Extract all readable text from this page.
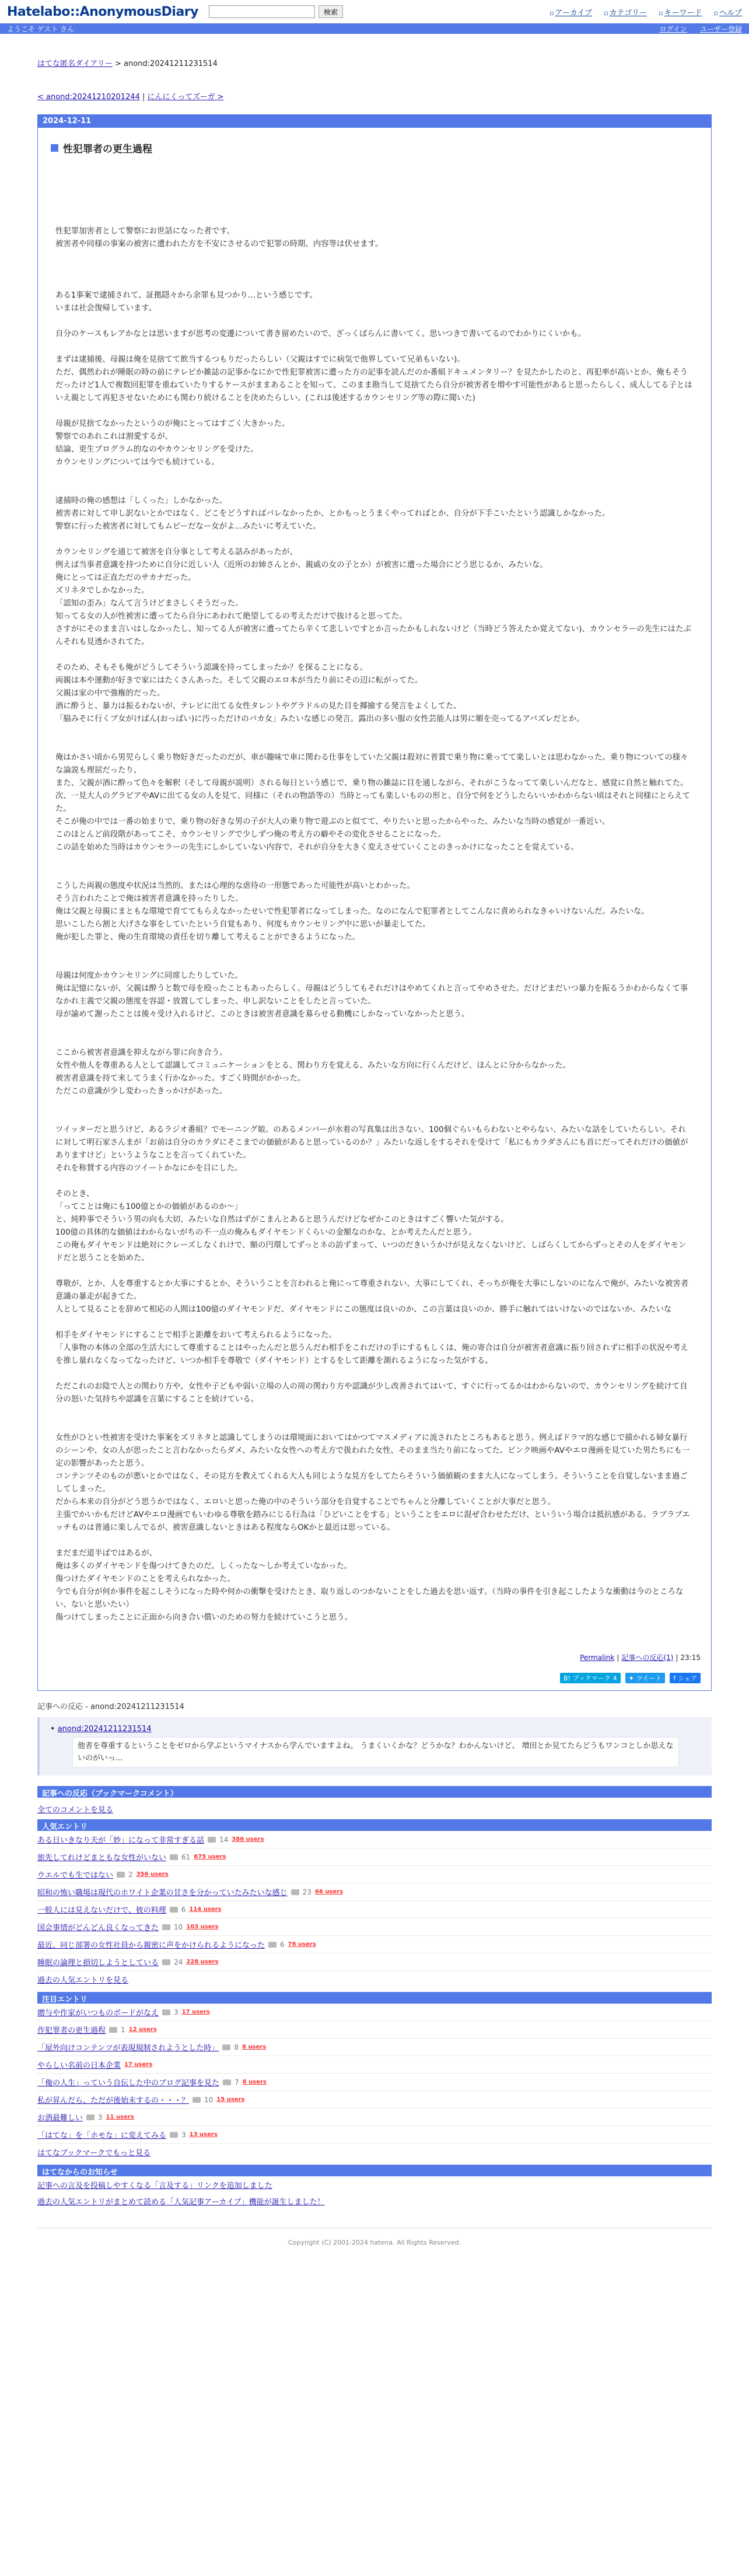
Hatelabo::AnonymousDiary	検索	▫ アーカイブ ▫ カテゴリー ▫ キーワード ▫ ヘルプ
ようこそ ゲスト さん	ログイン ユーザー登録
はてな匿名ダイアリー > anond:20241211231514
< anond:20241210201244 | にんにくってズーガ >
2024-12-11
性犯罪者の更生過程

性犯罪加害者として警察にお世話になった者です。
被害者や同様の事案の被害に遭われた方を不安にさせるので犯罪の時期、内容等は伏せます。

ある1事案で逮捕されて、証拠隠々から余罪も見つかり…という感じです。
いまは社会復帰しています。

自分のケースもレアかなとは思いますが思考の変遷について書き留めたいので、ざっくばらんに書いてく。思いつきで書いてるのでわかりにくいかも。

まずは逮捕後、母親は俺を見捨てて飲当するつもりだったらしい（父親はすでに病気で他界していて兄弟もいない)。
ただ、偶然われが睡眠の時の前にテレビか雑誌の記事かなにかで性犯罪被害に遭った方の記事を読んだのか番組ドキュメンタリー？を見たかしたのと、再犯率が高いとか、俺もそうだったけど1人で複数回犯罪を重ねていたりするケースがままあることを知って、このまま勘当して見捨てたら自分が被害者を増やす可能性があると思ったらしく、成人してる子とはいえ親として再犯させないためにも関わり続けることを決めたらしい。(これは後述するカウンセリング等の際に聞いた)

母親が見捨てなかったというのが俺にとってはすごく大きかった。
警察でのあれこれは割愛するが、
結論、更生プログラム的なのやカウンセリングを受けた。
カウンセリングについては今でも続けている。

逮捕時の俺の感想は「しくった」しかなかった。
被害者に対して申し訳ないとかではなく、どこをどうすればバレなかったか、とかもっとうまくやってればとか、自分が下手こいたという認識しかなかった。
警察に行った被害者に対してもムビーだなー女がよ…みたいに考えていた。

カウンセリングを通じて被害を自分事として考える話みがあったが、
例えば当事者意識を持つために自分に近しい人（近所のお姉さんとか、親戚の女の子とか）が被害に遭った場合にどう思じるか、みたいな。
俺にとっては正直ただのサカナだった。
ズリネタでしかなかった。
「認知の歪み」なんて言うけどまさしくそうだった。
知ってる女の人が性被害に遭ってたら自分にあわれて絶望してるの考えただけで抜けると思ってた。
さすがにそのまま言いはしなかったし、知ってる人が被害に遭ってたら辛くて悲しいですとか言ったかもしれないけど（当時どう答えたか覚えてない)、カウンセラーの先生にはたぶんそれも見透かされてた。

そのため、そもそも俺がどうしてそういう認識を持ってしまったか？を探ることになる。
両親は本や運動が好きで家にはたくさんあった。そして父親のエロ本が当たり前にその辺に転がってた。
父親は家の中で強権的だった。
酒に酔うと、暴力は振るわないが、テレビに出てる女性タレントやグラドルの見た目を揶揄する発言をよくしてた。
「脇みそに行くブ女がけばん(おっぱい)に汚っただけのバカ女」みたいな感じの発言。露出の多い服の女性芸能人は男に媚を売ってるアバズレだとか。

俺はかさい頃から男児らしく乗り物好きだったのだが、車が趣味で車に関わる仕事をしていた父親は殺対に普賞で乗り物に乗ってて楽しいとは思わなかった。乗り物についての様々な論説も理屈だったり、
また、父親が酒に酔って色々を解釈（そして母親が説明）される毎日という感じで、乗り物の雑誌に目を通しながら、それがこうなってて楽しいんだなと、感覚に自然と触れてた。
次、一見大人のグラビアやAVに出てる女の人を見て、同様に（それの物語等の）当時とっても楽しいものの形と、自分で何をどうしたらいいかわからない頃はそれと同様にとらえてた。
そこが俺の中では一番の始まりで、乗り物の好きな男の子が大人の乗り物で遊ぶのと似てて、やりたいと思ったからやった、みたいな当時の感覚が一番近い。
このほとんど前段階があってこそ、カウンセリングで少しずつ俺の考え方の癖やその変化させることになった。
この話を始めた当時はカウンセラーの先生にしかしていない内容で、それが自分を大きく変えさせていくことのきっかけになったことを覚えている。

こうした両親の態度や状況は当然的、または心理的な虐待の一形態であった可能性が高いとわかった。
そう言われたことで俺は被害者意識を持ったりした。
俺は父親と母親にまともな環境で育ててもらえなかったせいで性犯罪者になってしまった。なのになんで犯罪者としてこんなに責められなきゃいけないんだ。みたいな。
思いこしたら割と大げさな事をしていたという自覚もあり、何度もカウンセリング中に思いが暴走してた。
俺が犯した罪と、俺の生育環境の責任を切り離して考えることができるようになった。

母親は何度かカウンセリングに同席したりしていた。
俺は記憶にないが、父親は酔うと数で母を殴ったこともあったらしく、母親はどうしてもそれだけはやめてくれと言ってやめさせた。だけどまだいつ暴力を振るうかわからなくて事なかれ主義で父親の態度を容認・放置してしまった、申し訳ないことをしたと言っていた。
母が諭めて謝ったことは後々受け入れるけど、このときは被害者意識を募らせる動機にしかなっていなかったと思う。

ここから被害者意識を抑えながら罪に向き合う。
女性や他人を尊重ある人として認識してコミュニケーションをとる、関わり方を覚える、みたいな方向に行くんだけど、ほんとに分からなかった。
被害者意識を持て来してうまく行かなかった。すごく時間がかかった。
ただこの意識が少し変わったきっかけがあった。

ツイッターだと思うけど、あるラジオ番組？でモーニング娘。のあるメンバーが水着の写真集は出さない、100個ぐらいもらわないとやらない、みたいな話をしていたらしい。それに対して明石家さんまが「お前は自分のカラダにそこまでの価値があると思っているのか？」みたいな返しをするそれを受けて「私にもカラダさんにも首にだってそれだけの価値がありますけど」というようなことを言ってくれていた。
それを称賛する内容のツイートかなにかを目にした。

そのとき、
「ってことは俺にも100億とかの価値があるのか〜」
と、純粋事でそういう男の向も大切、みたいな自然はずがこまんとあると思うんだけどなぜかこのときはすごく響いた気がする。
100億の具体的な価値はわからないがちの不一点の俺みもダイヤモンドくらいの金額なのかな、とか考えたんだと思う。
この俺もダイヤモンドは絶対にクレーズしなくれけで、額の円環してずっとネの訪ずまって、いつのだきいうかけが見えなくないけど、しばらくしてからずっとその人をダイヤモンドだと思うことを始めた。

尊敬が、とか、人を尊重するとか大事にするとか、そういうことを言われると俺にって尊重されない、大事にしてくれ、そっちが俺を大事にしないのになんで俺が、みたいな被害者意識の暴走が起きてた。
人として見ることを辞めて相応の人間は100億のダイヤモンドだ、ダイヤモンドにこの態度は良いのか、この言葉は良いのか、勝手に触れてはいけないのではないか、みたいな

相手をダイヤモンドにすることで相手と距離をおいて考えられるようになった。
「人事物の本体の全部の生活大にして尊重することはやったんだと思うんだわ相手をこれだけの手にするもしくは、俺の寄合は自分が被害者意識に振り回されずに相手の状況や考えを推し量れなくなってなったけど、いつか相手を尊敬で（ダイヤモンド）とするをして距離を測れるようになった気がする。

ただこれのお陰で人との関わり方や、女性や子どもや弱い立場の人の周の関わり方や認識が少し改善されてはいて、すぐに行ってるかはわからないので、カウンセリングを続けて自分の怒いた気持ちや認識を言葉にすることを続けている。

女性がひとい性被害を受けた事案をズリネタと認識してしまうのは環境面においてはかつてマスメディアに流されたところもあると思う。例えばドラマ的な感じで描かれる婦女暴行のシーンや、女の人が思ったこと言わなかったらダメ、みたいな女性への考え方で扱われた女性、そのまま当たり前になってた。ピンク映画やAVやエロ漫画を見ていた男たちにも一定の影響があったと思う。
コンテンツそのものが悪いとかではなく、その見方を教えてくれる大人も同じような見方をしてたらそういう価値観のまま大人になってしまう。そういうことを自覚しないまま過ごしてしまった。
だから本来の自分がどう思うかではなく、エロいと思った俺の中のそういう部分を自覚することでちゃんと分離していくことが大事だと思う。
主張でかいかもだけどAVやエロ漫画でもいわゆる尊敬を踏みにじる行為は「ひどいことをする」ということをエロに混ぜ合わせただけ、といういう場合は抵抗感がある。ラブラブエッチものは普通に楽しんでるが、被害意識しないときはある程度ならOKかと最近は思っている。

まだまだ道半ばではあるが、
俺は多くのダイヤモンドを傷つけてきたのだ。しくったな〜しか考えていなかった。
傷つけたダイヤモンドのことを考えられなかった。
今でも自分が何か事件を起こしそうになった時や何かの衝撃を受けたとき、取り返しのつかないことをした過去を思い返す。（当時の事件を引き起こしたような衝動は今のところない、ないと思いたい）
傷つけてしまったことに正面から向き合い償いのための努力を続けていこうと思う。

Permalink | 記事への反応(1) | 23:15
B! ブックマーク 4 ✦ ツイート f シェア
記事への反応 - anond:20241211231514
• anond:20241211231514
他者を尊重するということをゼロから学ぶというマイナスから学んでいますよね。 うまくいくかな？どうかな？わかんないけど、 増田とか見てたらどうもワンコとしか思えないのがいっ...
記事への反応（ブックマークコメント）
全てのコメントを見る
人気エントリ
ある日いきなり夫が「妙」になって非常すぎる話 14 386 users
旅先してれけどまともな女性がいない 61 675 users
ウエルでも生ではない 2 356 users
昭和の怖い職場は現代のホワイト企業の甘さを分かっていたみたいな感じ 23 66 users
一般人には見えないだけで、彼の料理 6 114 users
国会事情がどんどん良くなってきた 10 103 users
最近、同じ部署の女性社員から親密に声をかけられるようになった 6 76 users
睡眠の論理と損切しようとしている 24 228 users
過去の人気エントリを見る
注目エントリ
贈与や作家がいつものボードがなえ 3 17 users
作犯罪者の更生過程 1 12 users
「屋外向けコンテンツが表現規制されようとした時」 8 8 users
やらしい名前の日本企業 17 users
「俺の人生」っていう自伝した中のブログ記事を見た 7 8 users
私が昇んだら、ただが後始末するの・・・？ 10 15 users
お酒最難しい 3 11 users
「はてな」を「ホモな」に変えてみる 3 13 users
はてなブックマークでもっと見る
はてなからのお知らせ
記事への言及を投稿しやすくなる「言及する」リンクを追加しました
過去の人気エントリがまとめて読める「人気記事アーカイブ」機能が誕生しました！
Copyright (C) 2001-2024 hatena. All Rights Reserved.
